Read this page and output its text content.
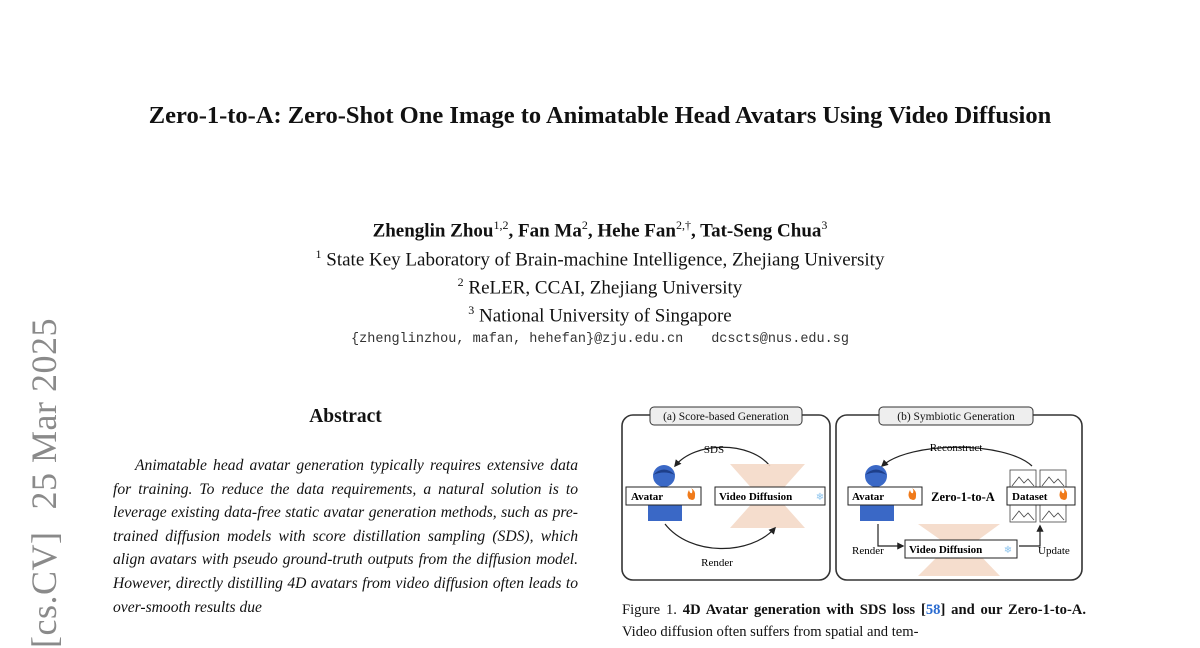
[cs.CV]25 Mar 2025
Zero-1-to-A: Zero-Shot One Image to Animatable Head Avatars Using Video Diffusion
Zhenglin Zhou$^{1,2}$, Fan Ma$^2$, Hehe Fan$^{2,\dagger}$, Tat-Seng Chua$^3$
$^1$ State Key Laboratory of Brain-machine Intelligence, Zhejiang University
$^2$ ReLER, CCAI, Zhejiang University
$^3$ National University of Singapore
{zhenglinzhou, mafan, hehefan}@zju.edu.cn dcscts@nus.edu.sg
Abstract

Animatable head avatar generation typically requires extensive data for training. To reduce the data requirements, a natural solution is to leverage existing data-free static avatar generation methods, such as pre-trained diffusion models with score distillation sampling (SDS), which align avatars with pseudo ground-truth outputs from the diffusion model. However, directly distilling 4D avatars from video diffusion often leads to over-smooth results due

(a) Score-based Generation
SDS
Avatar	Video Diffusion ❄
Render
(b) Symbiotic Generation
Reconstruct
Avatar	Zero-1-to-A Dataset
Video Diffusion ❄
Render	Update

Figure 1. 4D Avatar generation with SDS loss [58] and our Zero-1-to-A. Video diffusion often suffers from spatial and tem-
